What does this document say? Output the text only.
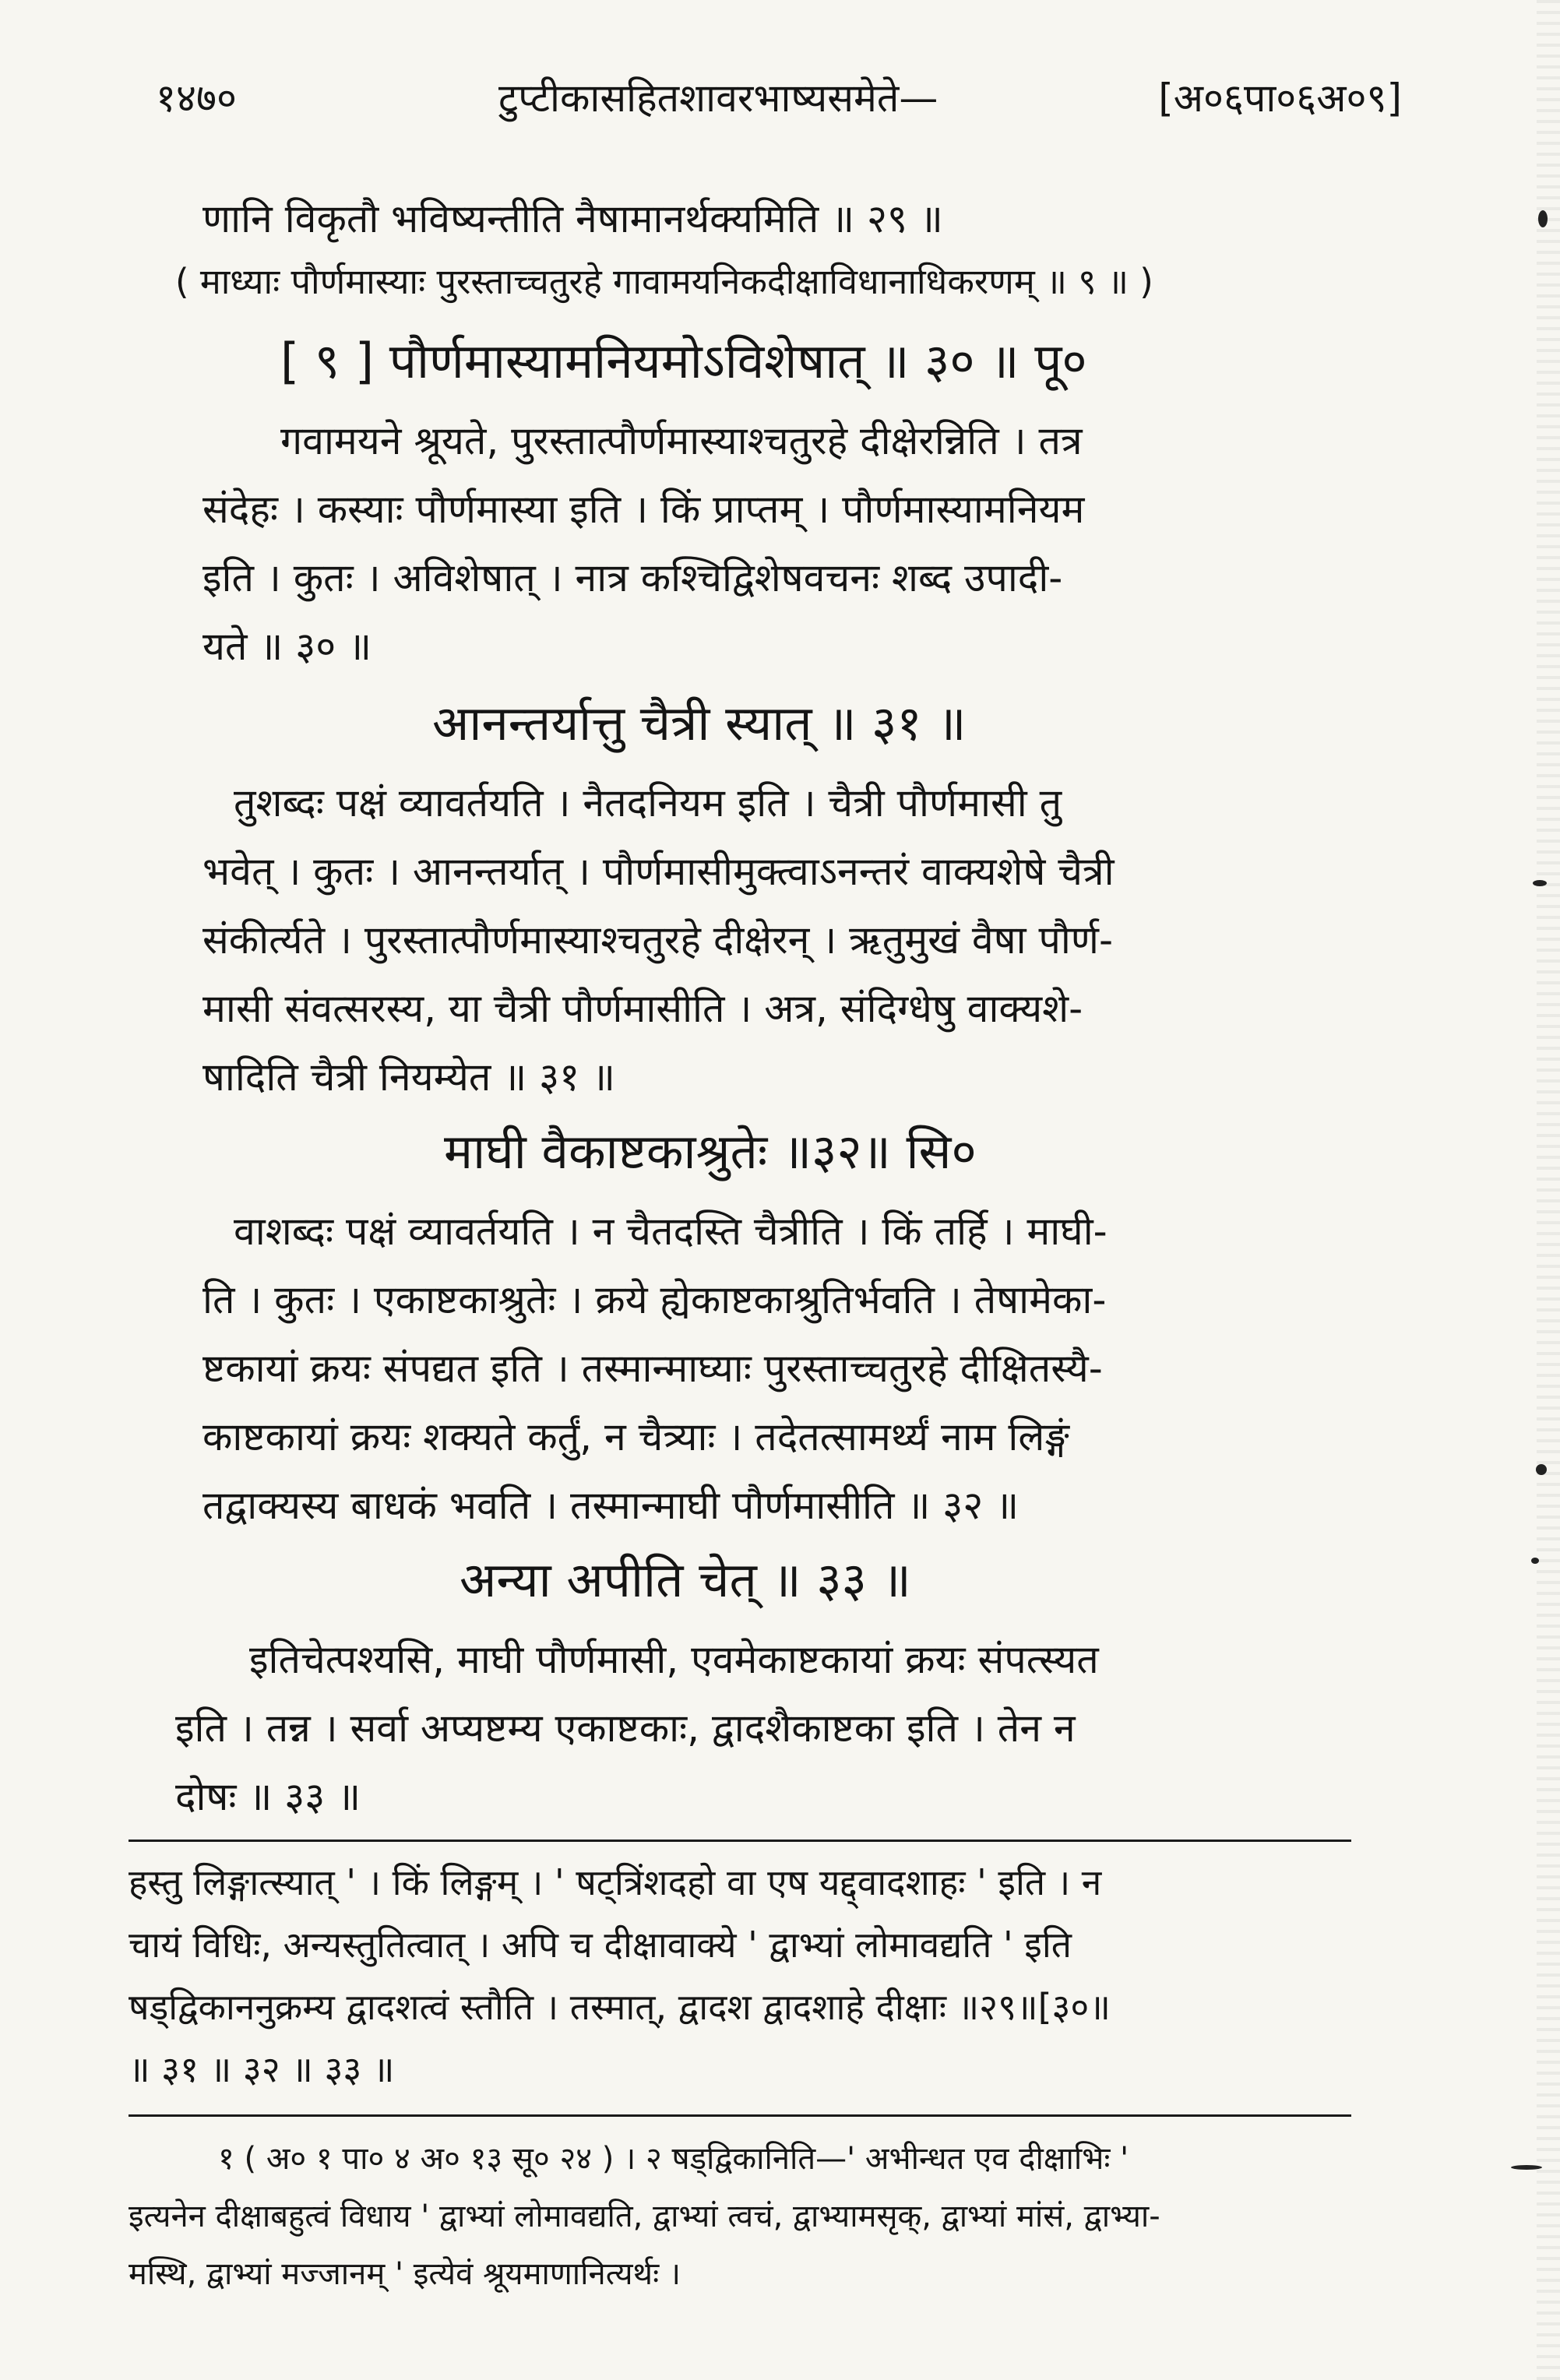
१४७०	टुप्टीकासहितशावरभाष्यसमेते—	[अ०६पा०६अ०९]
णानि विकृतौ भविष्यन्तीति नैषामानर्थक्यमिति ॥ २९ ॥
( माध्याः पौर्णमास्याः पुरस्ताच्चतुरहे गावामयनिकदीक्षाविधानाधिकरणम् ॥ ९ ॥ )
[ ९ ] पौर्णमास्यामनियमोऽविशेषात् ॥ ३० ॥ पू०
गवामयने श्रूयते, पुरस्तात्पौर्णमास्याश्चतुरहे दीक्षेरन्निति । तत्र
संदेहः । कस्याः पौर्णमास्या इति । किं प्राप्तम् । पौर्णमास्यामनियम
इति । कुतः । अविशेषात् । नात्र कश्चिद्विशेषवचनः शब्द उपादी-
यते ॥ ३० ॥
आनन्तर्यात्तु चैत्री स्यात् ॥ ३१ ॥
तुशब्दः पक्षं व्यावर्तयति । नैतदनियम इति । चैत्री पौर्णमासी तु
भवेत् । कुतः । आनन्तर्यात् । पौर्णमासीमुक्त्वाऽनन्तरं वाक्यशेषे चैत्री
संकीर्त्यते । पुरस्तात्पौर्णमास्याश्चतुरहे दीक्षेरन् । ऋतुमुखं वैषा पौर्ण-
मासी संवत्सरस्य, या चैत्री पौर्णमासीति । अत्र, संदिग्धेषु वाक्यशे-
षादिति चैत्री नियम्येत ॥ ३१ ॥
माघी वैकाष्टकाश्रुतेः ॥३२॥ सि०
वाशब्दः पक्षं व्यावर्तयति । न चैतदस्ति चैत्रीति । किं तर्हि । माघी-
ति । कुतः । एकाष्टकाश्रुतेः । क्रये ह्येकाष्टकाश्रुतिर्भवति । तेषामेका-
ष्टकायां क्रयः संपद्यत इति । तस्मान्माघ्याः पुरस्ताच्चतुरहे दीक्षितस्यै-
काष्टकायां क्रयः शक्यते कर्तुं, न चैत्र्याः । तदेतत्सामर्थ्यं नाम लिङ्गं
तद्वाक्यस्य बाधकं भवति । तस्मान्माघी पौर्णमासीति ॥ ३२ ॥
अन्या अपीति चेत् ॥ ३३ ॥
इतिचेत्पश्यसि, माघी पौर्णमासी, एवमेकाष्टकायां क्रयः संपत्स्यत
इति । तन्न । सर्वा अप्यष्टम्य एकाष्टकाः, द्वादशैकाष्टका इति । तेन न
दोषः ॥ ३३ ॥
हस्तु लिङ्गात्स्यात् ' । किं लिङ्गम् । ' षट्त्रिंशदहो वा एष यद्द्वादशाहः ' इति । न
चायं विधिः, अन्यस्तुतित्वात् । अपि च दीक्षावाक्ये ' द्वाभ्यां लोमावद्यति ' इति
षड्द्विकाननुक्रम्य द्वादशत्वं स्तौति । तस्मात्, द्वादश द्वादशाहे दीक्षाः ॥२९॥[३०॥
॥ ३१ ॥ ३२ ॥ ३३ ॥
१ ( अ० १ पा० ४ अ० १३ सू० २४ ) । २ षड्द्विकानिति—' अभीन्धत एव दीक्षाभिः '
इत्यनेन दीक्षाबहुत्वं विधाय ' द्वाभ्यां लोमावद्यति, द्वाभ्यां त्वचं, द्वाभ्यामसृक्, द्वाभ्यां मांसं, द्वाभ्या-
मस्थि, द्वाभ्यां मज्जानम् ' इत्येवं श्रूयमाणानित्यर्थः ।
